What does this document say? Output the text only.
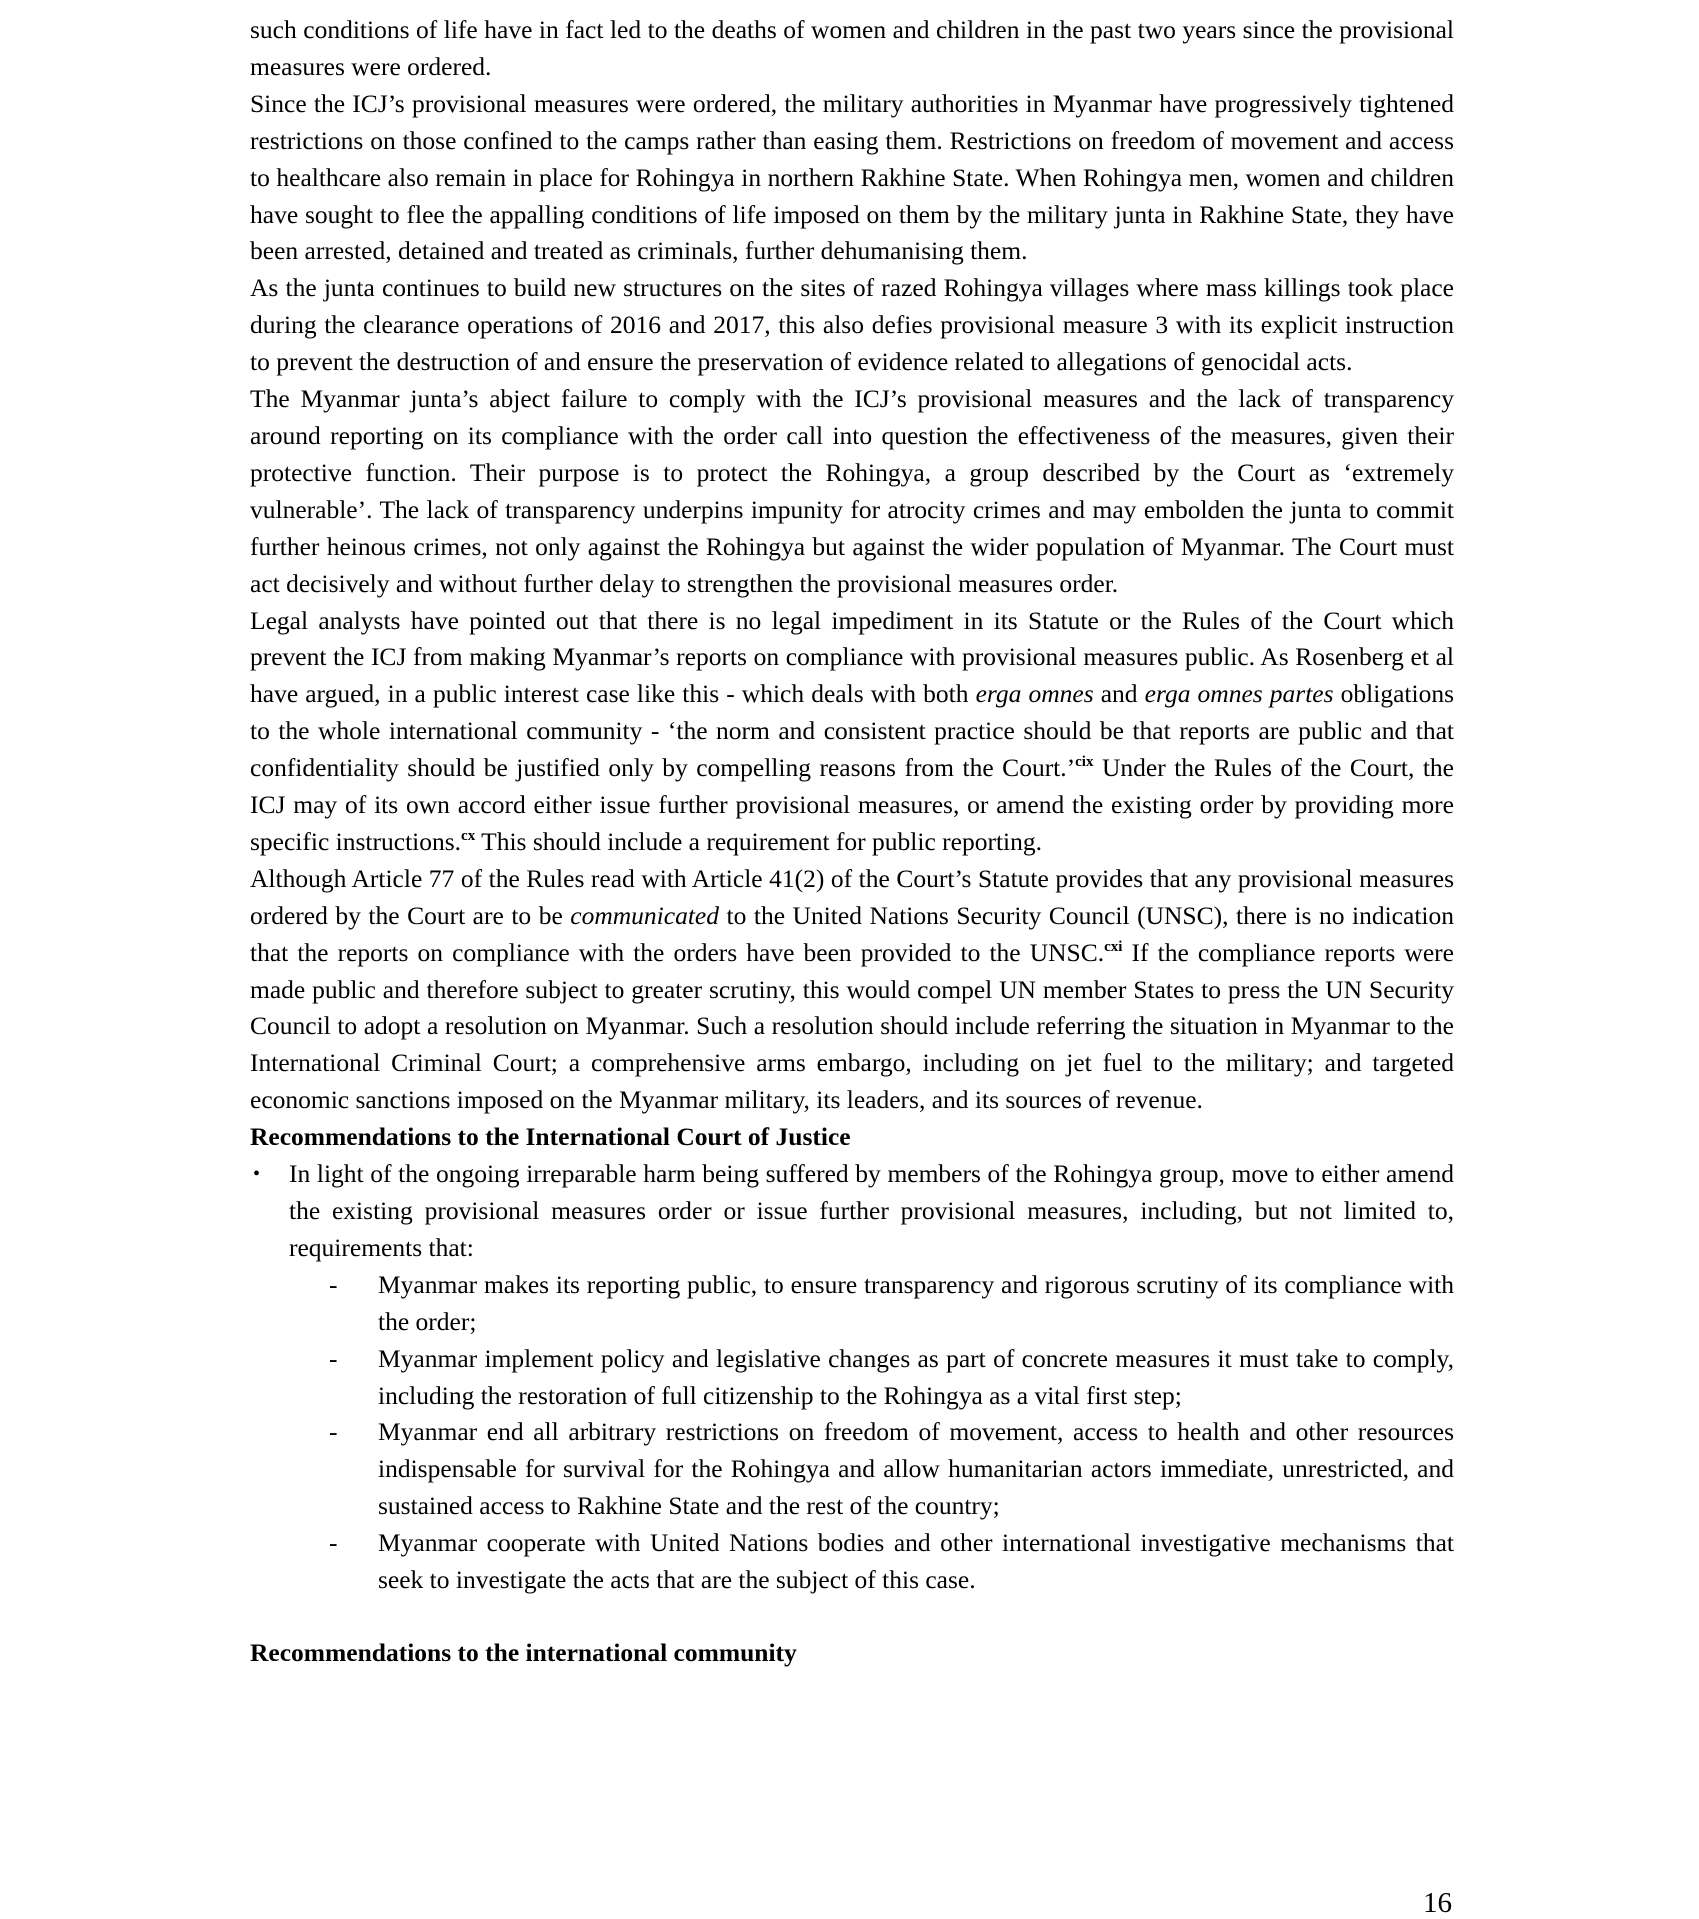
such conditions of life have in fact led to the deaths of women and children in the past two years since the provisional measures were ordered.

Since the ICJ’s provisional measures were ordered, the military authorities in Myanmar have progressively tightened restrictions on those confined to the camps rather than easing them. Restrictions on freedom of movement and access to healthcare also remain in place for Rohingya in northern Rakhine State. When Rohingya men, women and children have sought to flee the appalling conditions of life imposed on them by the military junta in Rakhine State, they have been arrested, detained and treated as criminals, further dehumanising them.

As the junta continues to build new structures on the sites of razed Rohingya villages where mass killings took place during the clearance operations of 2016 and 2017, this also defies provisional measure 3 with its explicit instruction to prevent the destruction of and ensure the preservation of evidence related to allegations of genocidal acts.

The Myanmar junta’s abject failure to comply with the ICJ’s provisional measures and the lack of transparency around reporting on its compliance with the order call into question the effectiveness of the measures, given their protective function. Their purpose is to protect the Rohingya, a group described by the Court as ‘extremely vulnerable’. The lack of transparency underpins impunity for atrocity crimes and may embolden the junta to commit further heinous crimes, not only against the Rohingya but against the wider population of Myanmar. The Court must act decisively and without further delay to strengthen the provisional measures order.

Legal analysts have pointed out that there is no legal impediment in its Statute or the Rules of the Court which prevent the ICJ from making Myanmar’s reports on compliance with provisional measures public. As Rosenberg et al have argued, in a public interest case like this - which deals with both erga omnes and erga omnes partes obligations to the whole international community - ‘the norm and consistent practice should be that reports are public and that confidentiality should be justified only by compelling reasons from the Court.’$^{cix}$ Under the Rules of the Court, the ICJ may of its own accord either issue further provisional measures, or amend the existing order by providing more specific instructions.$^{cx}$ This should include a requirement for public reporting.

Although Article 77 of the Rules read with Article 41(2) of the Court’s Statute provides that any provisional measures ordered by the Court are to be communicated to the United Nations Security Council (UNSC), there is no indication that the reports on compliance with the orders have been provided to the UNSC.$^{cxi}$ If the compliance reports were made public and therefore subject to greater scrutiny, this would compel UN member States to press the UN Security Council to adopt a resolution on Myanmar. Such a resolution should include referring the situation in Myanmar to the International Criminal Court; a comprehensive arms embargo, including on jet fuel to the military; and targeted economic sanctions imposed on the Myanmar military, its leaders, and its sources of revenue.

Recommendations to the International Court of Justice
• In light of the ongoing irreparable harm being suffered by members of the Rohingya group, move to either amend the existing provisional measures order or issue further provisional measures, including, but not limited to, requirements that:
- Myanmar makes its reporting public, to ensure transparency and rigorous scrutiny of its compliance with the order;
- Myanmar implement policy and legislative changes as part of concrete measures it must take to comply, including the restoration of full citizenship to the Rohingya as a vital first step;
- Myanmar end all arbitrary restrictions on freedom of movement, access to health and other resources indispensable for survival for the Rohingya and allow humanitarian actors immediate, unrestricted, and sustained access to Rakhine State and the rest of the country;
- Myanmar cooperate with United Nations bodies and other international investigative mechanisms that seek to investigate the acts that are the subject of this case.
Recommendations to the international community
16
